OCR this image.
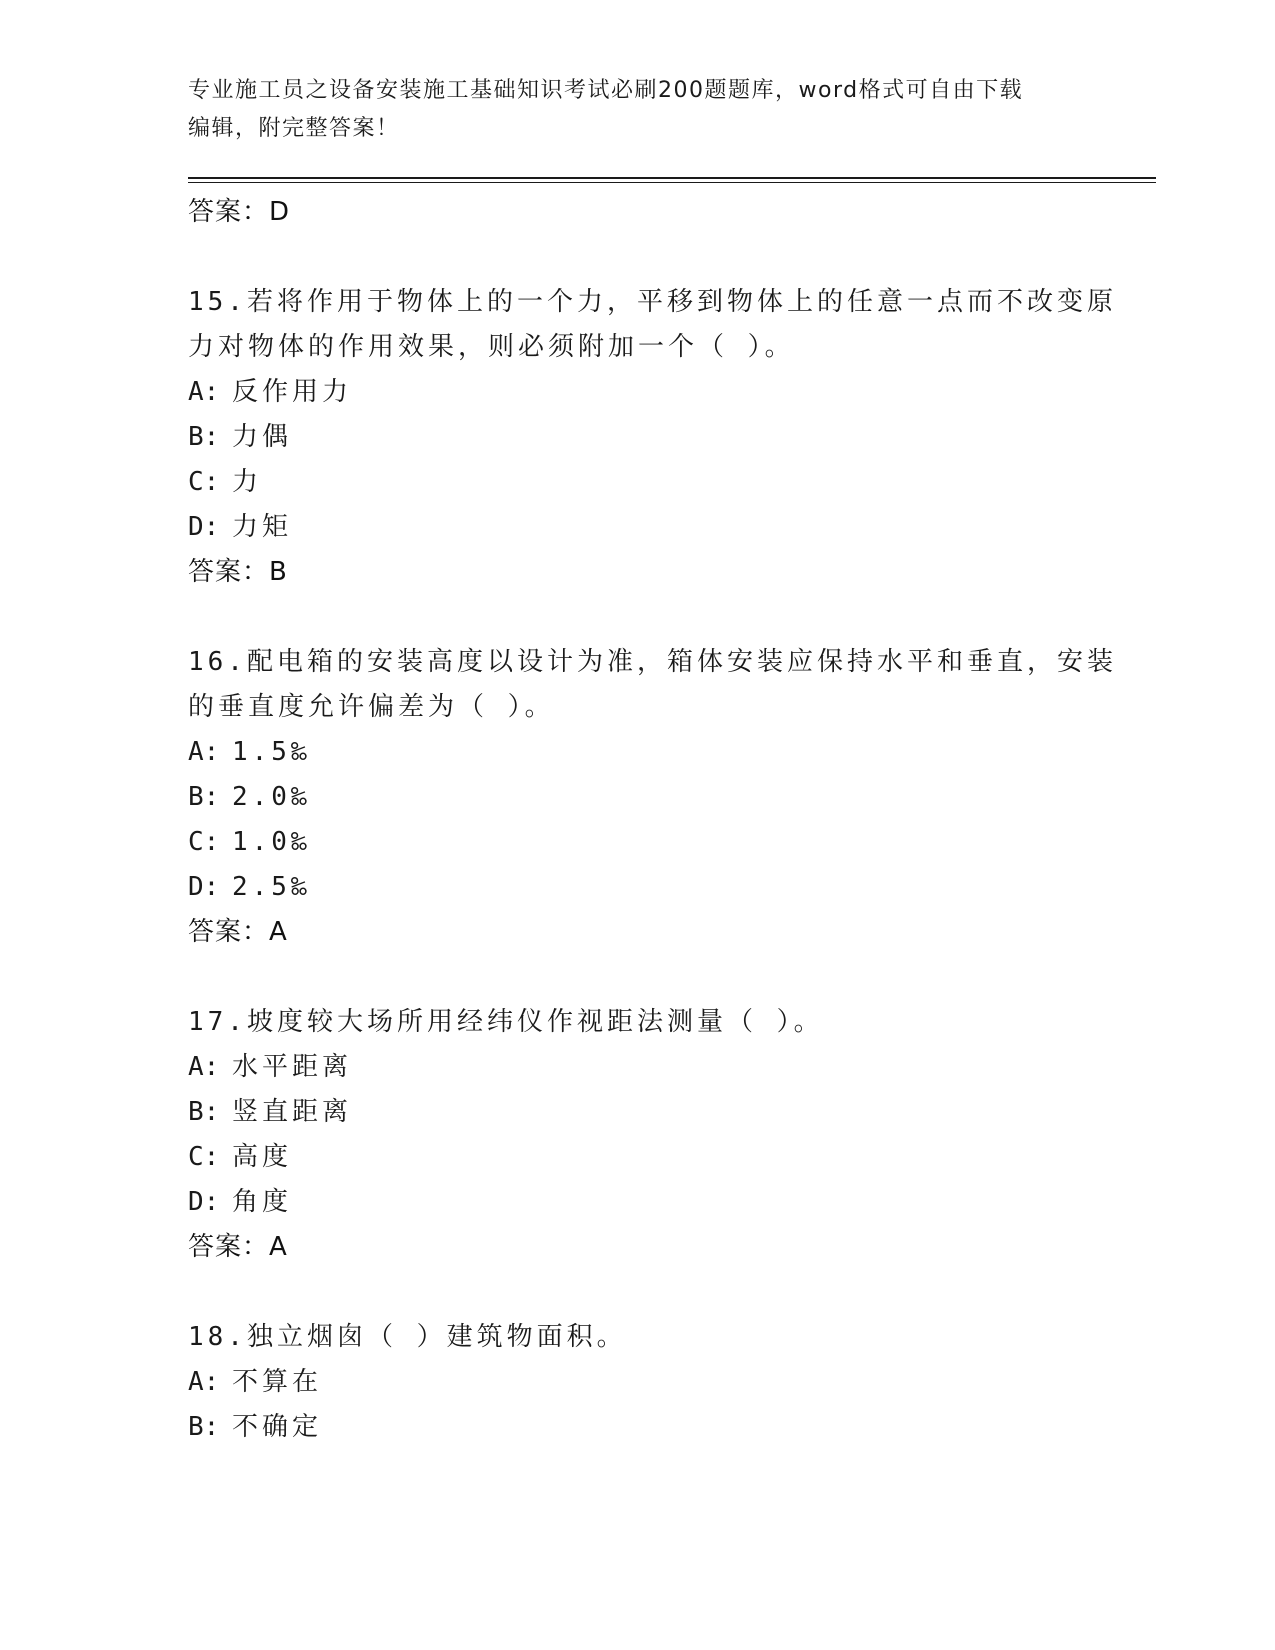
专业施工员之设备安装施工基础知识考试必刷200题题库，word格式可自由下载
编辑，附完整答案！
答案：D
15.若将作用于物体上的一个力，平移到物体上的任意一点而不改变原
力对物体的作用效果，则必须附加一个（ ）。
A: 反作用力
B: 力偶
C: 力
D: 力矩
答案：B
16.配电箱的安装高度以设计为准，箱体安装应保持水平和垂直，安装
的垂直度允许偏差为（ ）。
A: 1.5‰
B: 2.0‰
C: 1.0‰
D: 2.5‰
答案：A
17.坡度较大场所用经纬仪作视距法测量（ ）。
A: 水平距离
B: 竖直距离
C: 高度
D: 角度
答案：A
18.独立烟囱（ ）建筑物面积。
A: 不算在
B: 不确定
